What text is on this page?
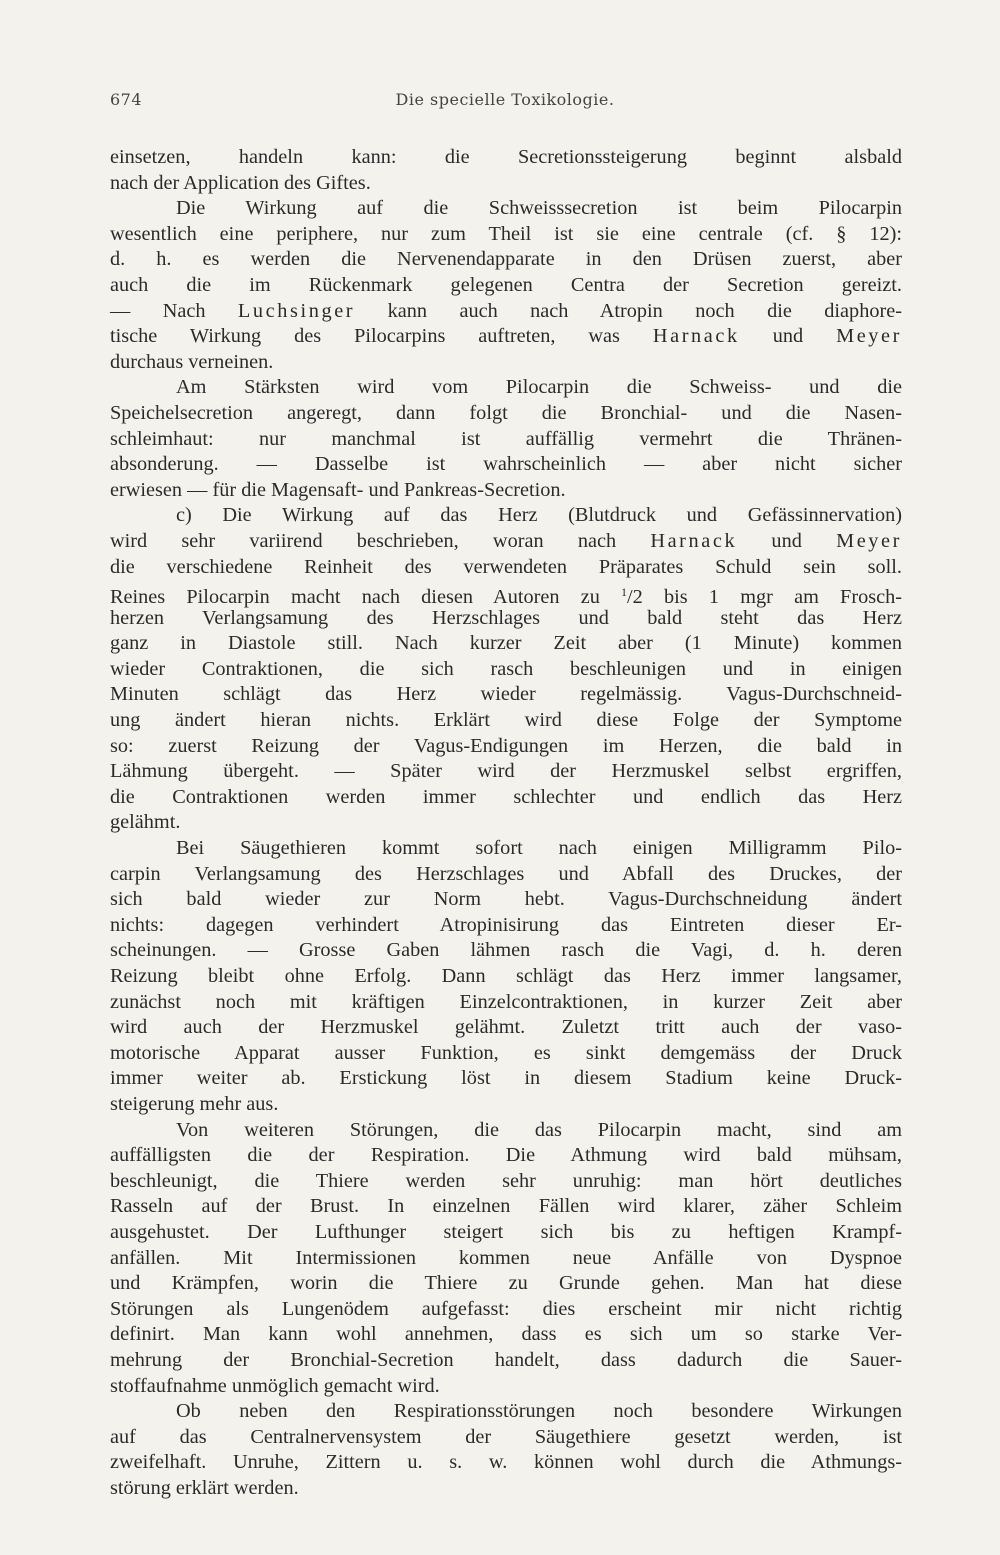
674	Die specielle Toxikologie.
einsetzen, handeln kann: die Secretionssteigerung beginnt alsbald
nach der Application des Giftes.
Die Wirkung auf die Schweisssecretion ist beim Pilocarpin
wesentlich eine periphere, nur zum Theil ist sie eine centrale (cf. § 12):
d. h. es werden die Nervenendapparate in den Drüsen zuerst, aber
auch die im Rückenmark gelegenen Centra der Secretion gereizt.
— Nach Luchsinger kann auch nach Atropin noch die diaphore-
tische Wirkung des Pilocarpins auftreten, was Harnack und Meyer
durchaus verneinen.
Am Stärksten wird vom Pilocarpin die Schweiss- und die
Speichelsecretion angeregt, dann folgt die Bronchial- und die Nasen-
schleimhaut: nur manchmal ist auffällig vermehrt die Thränen-
absonderung. — Dasselbe ist wahrscheinlich — aber nicht sicher
erwiesen — für die Magensaft- und Pankreas-Secretion.
c) Die Wirkung auf das Herz (Blutdruck und Gefässinnervation)
wird sehr variirend beschrieben, woran nach Harnack und Meyer
die verschiedene Reinheit des verwendeten Präparates Schuld sein soll.
Reines Pilocarpin macht nach diesen Autoren zu $^1$/2 bis 1 mgr am Frosch-
herzen Verlangsamung des Herzschlages und bald steht das Herz
ganz in Diastole still. Nach kurzer Zeit aber (1 Minute) kommen
wieder Contraktionen, die sich rasch beschleunigen und in einigen
Minuten schlägt das Herz wieder regelmässig. Vagus-Durchschneid-
ung ändert hieran nichts. Erklärt wird diese Folge der Symptome
so: zuerst Reizung der Vagus-Endigungen im Herzen, die bald in
Lähmung übergeht. — Später wird der Herzmuskel selbst ergriffen,
die Contraktionen werden immer schlechter und endlich das Herz
gelähmt.
Bei Säugethieren kommt sofort nach einigen Milligramm Pilo-
carpin Verlangsamung des Herzschlages und Abfall des Druckes, der
sich bald wieder zur Norm hebt. Vagus-Durchschneidung ändert
nichts: dagegen verhindert Atropinisirung das Eintreten dieser Er-
scheinungen. — Grosse Gaben lähmen rasch die Vagi, d. h. deren
Reizung bleibt ohne Erfolg. Dann schlägt das Herz immer langsamer,
zunächst noch mit kräftigen Einzelcontraktionen, in kurzer Zeit aber
wird auch der Herzmuskel gelähmt. Zuletzt tritt auch der vaso-
motorische Apparat ausser Funktion, es sinkt demgemäss der Druck
immer weiter ab. Erstickung löst in diesem Stadium keine Druck-
steigerung mehr aus.
Von weiteren Störungen, die das Pilocarpin macht, sind am
auffälligsten die der Respiration. Die Athmung wird bald mühsam,
beschleunigt, die Thiere werden sehr unruhig: man hört deutliches
Rasseln auf der Brust. In einzelnen Fällen wird klarer, zäher Schleim
ausgehustet. Der Lufthunger steigert sich bis zu heftigen Krampf-
anfällen. Mit Intermissionen kommen neue Anfälle von Dyspnoe
und Krämpfen, worin die Thiere zu Grunde gehen. Man hat diese
Störungen als Lungenödem aufgefasst: dies erscheint mir nicht richtig
definirt. Man kann wohl annehmen, dass es sich um so starke Ver-
mehrung der Bronchial-Secretion handelt, dass dadurch die Sauer-
stoffaufnahme unmöglich gemacht wird.
Ob neben den Respirationsstörungen noch besondere Wirkungen
auf das Centralnervensystem der Säugethiere gesetzt werden, ist
zweifelhaft. Unruhe, Zittern u. s. w. können wohl durch die Athmungs-
störung erklärt werden.
